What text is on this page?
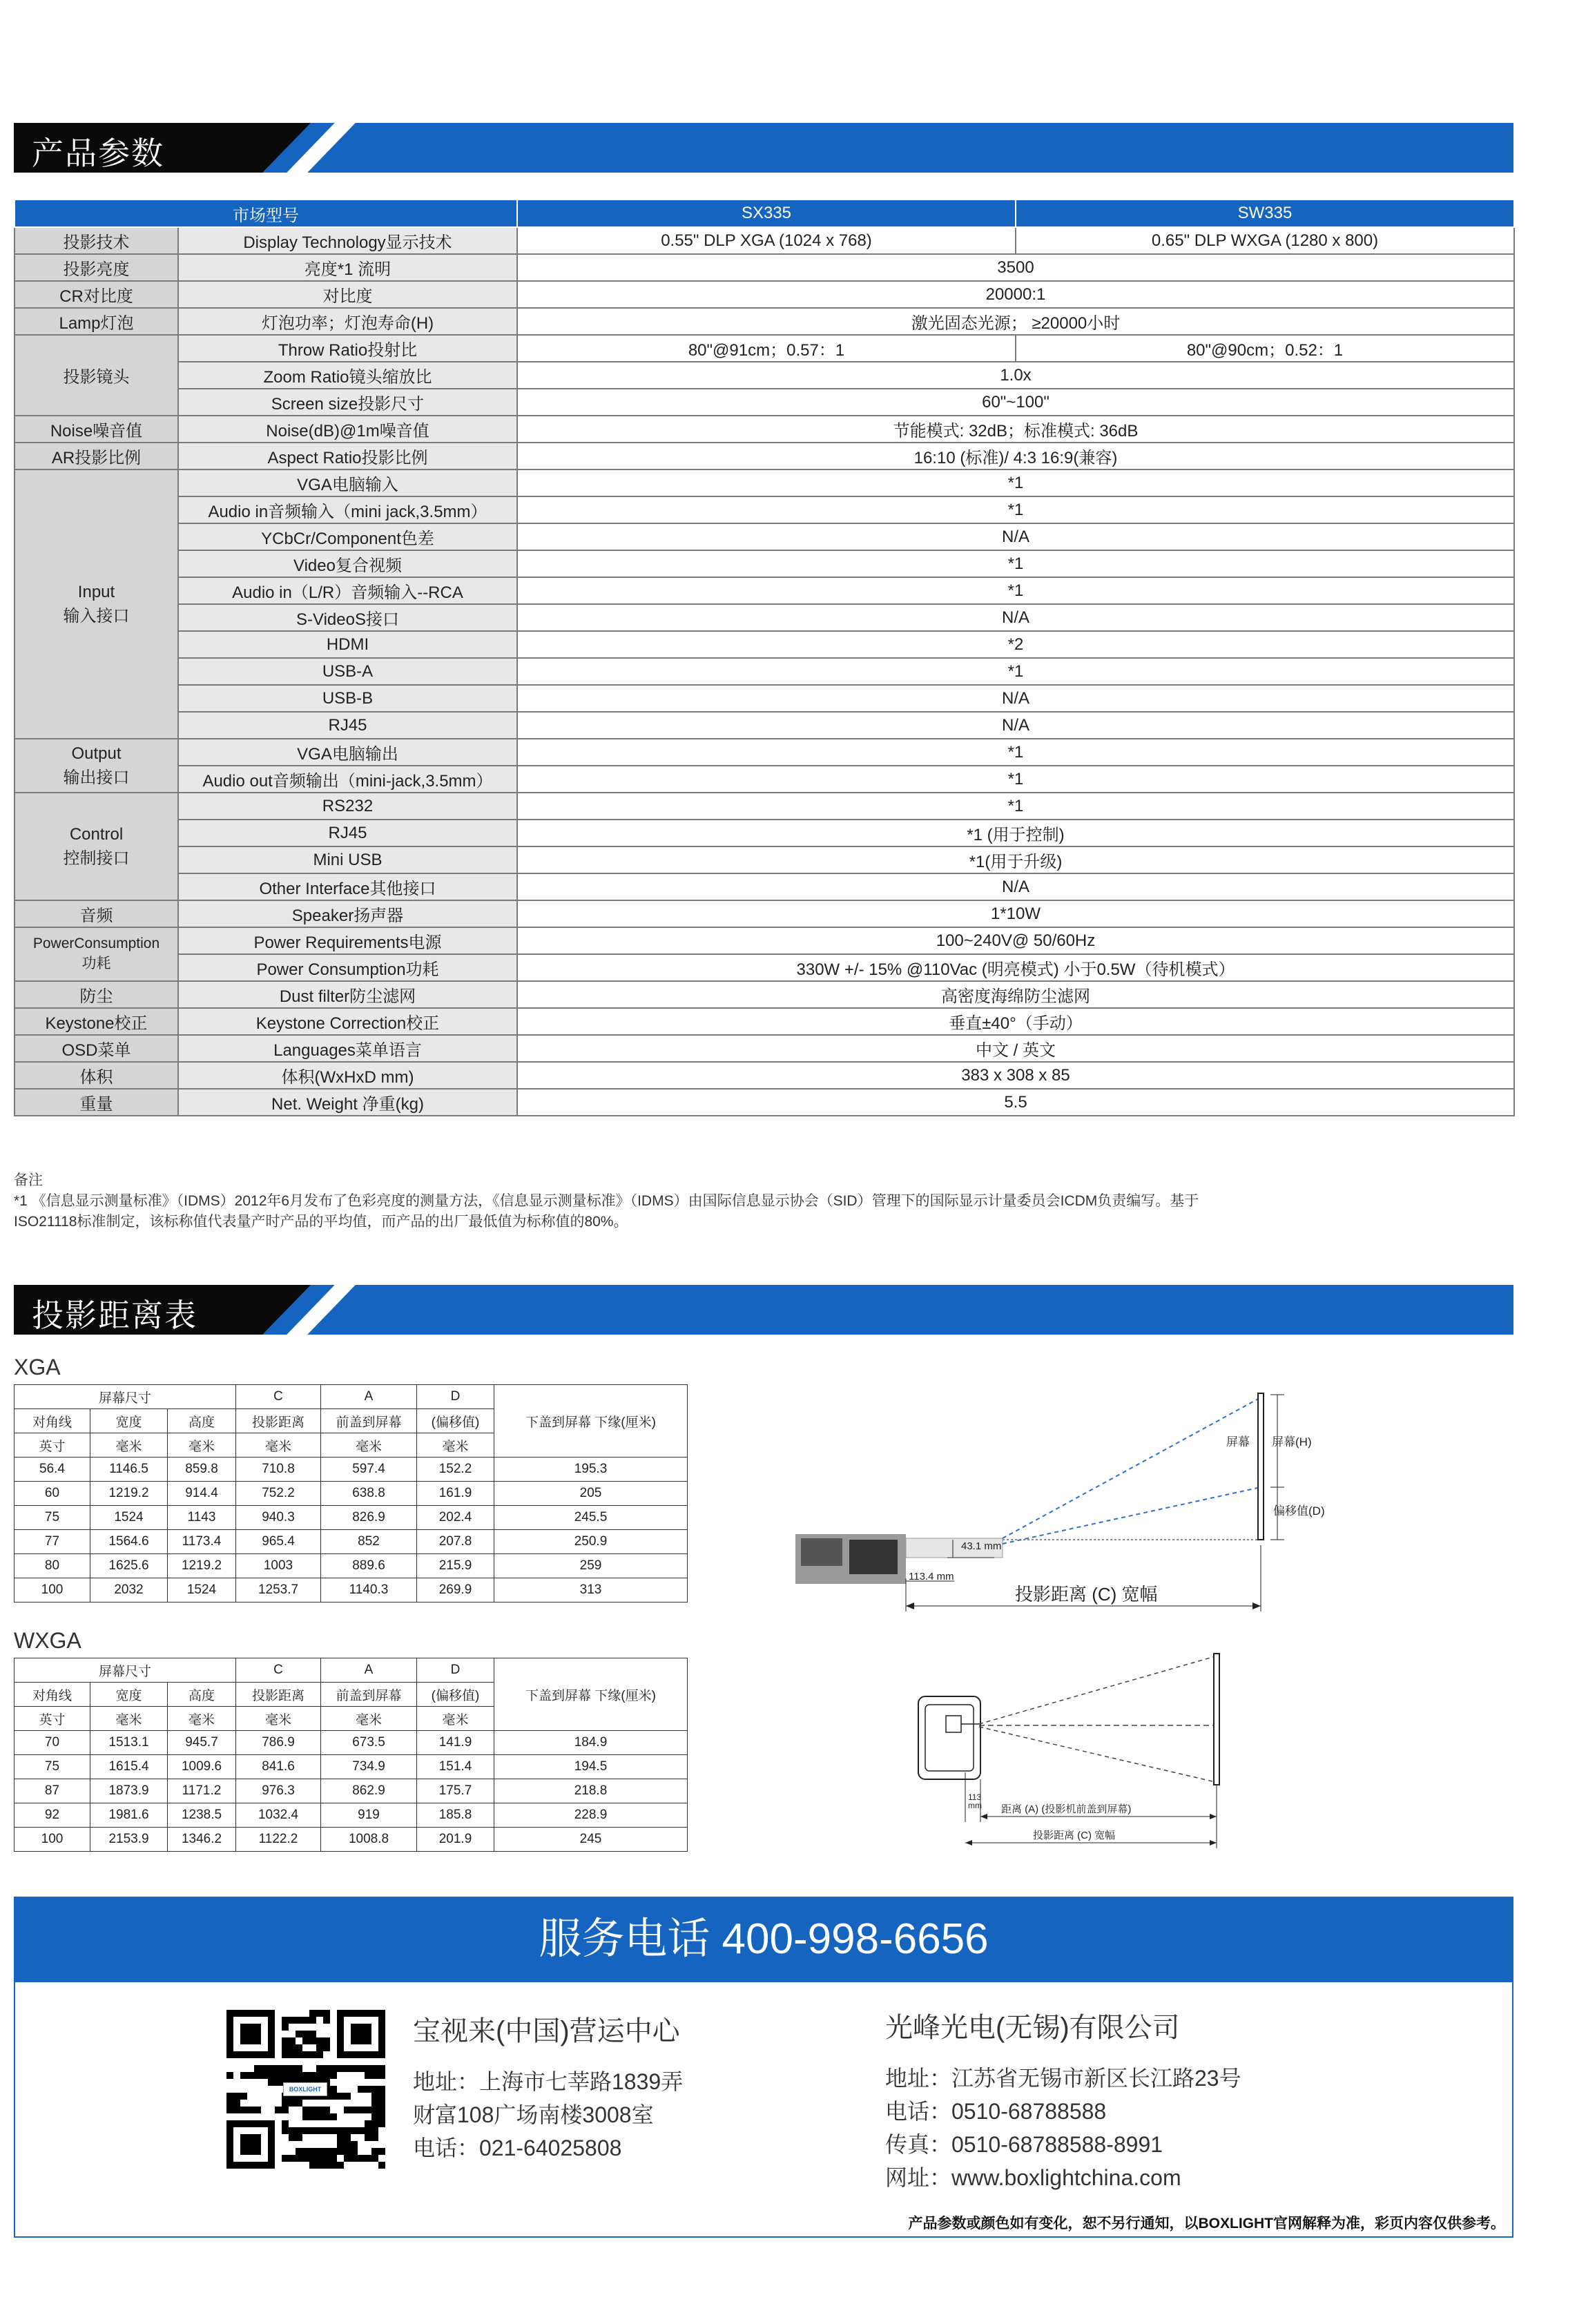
产品参数
市场型号		SX335	SW335
投影技术	Display Technology显示技术	0.55" DLP XGA (1024 x 768)	0.65" DLP WXGA (1280 x 800)
投影亮度	亮度*1 流明	3500	
CR对比度	对比度	20000:1	
Lamp灯泡	灯泡功率；灯泡寿命(H)	激光固态光源； ≥20000小时	
投影镜头	Throw Ratio投射比	80"@91cm；0.57：1	80"@90cm；0.52：1
	Zoom Ratio镜头缩放比	1.0x	
	Screen size投影尺寸	60"~100"	
Noise噪音值	Noise(dB)@1m噪音值	节能模式: 32dB；标准模式: 36dB	
AR投影比例	Aspect Ratio投影比例	16:10 (标准)/ 4:3 16:9(兼容)	
Input
输入接口	VGA电脑输入	*1	
	Audio in音频输入（mini jack,3.5mm）	*1	
	YCbCr/Component色差	N/A	
	Video复合视频	*1	
	Audio in（L/R）音频输入--RCA	*1	
	S-VideoS接口	N/A	
	HDMI	*2	
	USB-A	*1	
	USB-B	N/A	
	RJ45	N/A	
Output
输出接口	VGA电脑输出	*1	
	Audio out音频输出（mini-jack,3.5mm）	*1	
Control
控制接口	RS232	*1	
	RJ45	*1 (用于控制)	
	Mini USB	*1(用于升级)	
	Other Interface其他接口	N/A	
音频	Speaker扬声器	1*10W	
PowerConsumption
功耗	Power Requirements电源	100~240V@ 50/60Hz	
	Power Consumption功耗	330W +/- 15% @110Vac (明亮模式) 小于0.5W（待机模式）	
防尘	Dust filter防尘滤网	高密度海绵防尘滤网	
Keystone校正	Keystone Correction校正	垂直±40°（手动）	
OSD菜单	Languages菜单语言	中文 / 英文	
体积	体积(WxHxD mm)	383 x 308 x 85	
重量	Net. Weight 净重(kg)	5.5	
备注
*1 《信息显示测量标准》（IDMS）2012年6月发布了色彩亮度的测量方法，《信息显示测量标准》（IDMS）由国际信息显示协会（SID）管理下的国际显示计量委员会ICDM负责编写。基于
ISO21118标准制定，该标称值代表量产时产品的平均值，而产品的出厂最低值为标称值的80%。
投影距离表
XGA
屏幕尺寸			C	A	D	下盖到屏幕 下缘(厘米)
对角线	宽度	高度	投影距离	前盖到屏幕	(偏移值)	
英寸	毫米	毫米	毫米	毫米	毫米	
56.4	1146.5	859.8	710.8	597.4	152.2	195.3
60	1219.2	914.4	752.2	638.8	161.9	205
75	1524	1143	940.3	826.9	202.4	245.5
77	1564.6	1173.4	965.4	852	207.8	250.9
80	1625.6	1219.2	1003	889.6	215.9	259
100	2032	1524	1253.7	1140.3	269.9	313
WXGA
屏幕尺寸			C	A	D	下盖到屏幕 下缘(厘米)
对角线	宽度	高度	投影距离	前盖到屏幕	(偏移值)	
英寸	毫米	毫米	毫米	毫米	毫米	
70	1513.1	945.7	786.9	673.5	141.9	184.9
75	1615.4	1009.6	841.6	734.9	151.4	194.5
87	1873.9	1171.2	976.3	862.9	175.7	218.8
92	1981.6	1238.5	1032.4	919	185.8	228.9
100	2153.9	1346.2	1122.2	1008.8	201.9	245
屏幕 屏幕(H)
偏移值(D)
43.1 mm
113.4 mm
投影距离 (C) 宽幅
113 mm 距离 (A) (投影机前盖到屏幕)
投影距离 (C) 宽幅
服务电话 400-998-6656
BOXLIGHT
宝视来(中国)营运中心
地址：上海市七莘路1839弄
财富108广场南楼3008室
电话：021-64025808
光峰光电(无锡)有限公司
地址：江苏省无锡市新区长江路23号
电话：0510-68788588
传真：0510-68788588-8991
网址：www.boxlightchina.com
产品参数或颜色如有变化，恕不另行通知，以BOXLIGHT官网解释为准，彩页内容仅供参考。
